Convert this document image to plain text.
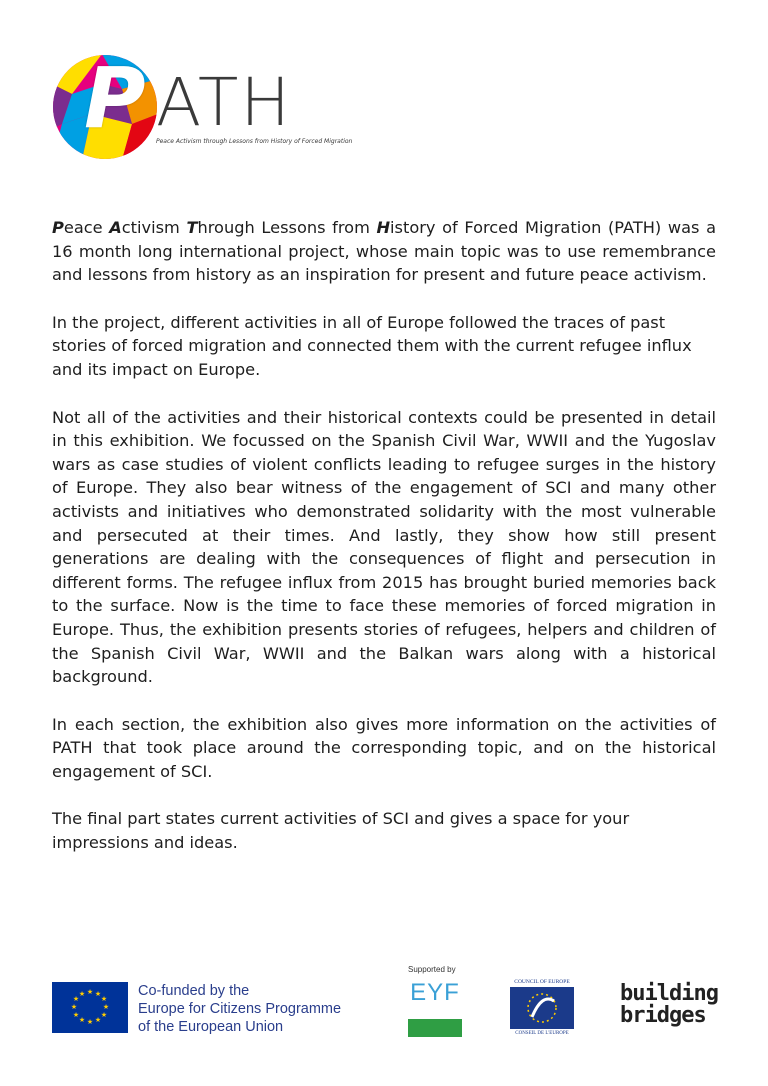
P ATH
Peace Activism through Lessons from History of Forced Migration

Peace Activism Through Lessons from History of Forced Migration (PATH) was a 16 month long international project, whose main topic was to use remembrance and lessons from history as an inspiration for present and future peace activism.

In the project, different activities in all of Europe followed the traces of past stories of forced migration and connected them with the current refugee influx and its impact on Europe.

Not all of the activities and their historical contexts could be presented in detail in this exhibition. We focussed on the Spanish Civil War, WWII and the Yugoslav wars as case studies of violent conflicts leading to refugee surges in the history of Europe. They also bear witness of the engagement of SCI and many other activists and initiatives who demonstrated solidarity with the most vulnerable and persecuted at their times. And lastly, they show how still present generations are dealing with the consequences of flight and persecution in different forms. The refugee influx from 2015 has brought buried memories back to the surface. Now is the time to face these memories of forced migration in Europe. Thus, the exhibition presents stories of refugees, helpers and children of the Spanish Civil War, WWII and the Balkan wars along with a historical background.

In each section, the exhibition also gives more information on the activities of PATH that took place around the corresponding topic, and on the historical engagement of SCI.

The final part states current activities of SCI and gives a space for your impressions and ideas.

★ ★
★
★
★
★
★
★
★
★
★
★	Co-funded by the
Europe for Citizens Programme
of the European Union
Supported by
EYF	COUNCIL OF EUROPE
CONSEIL DE L'EUROPE
building
bridges
